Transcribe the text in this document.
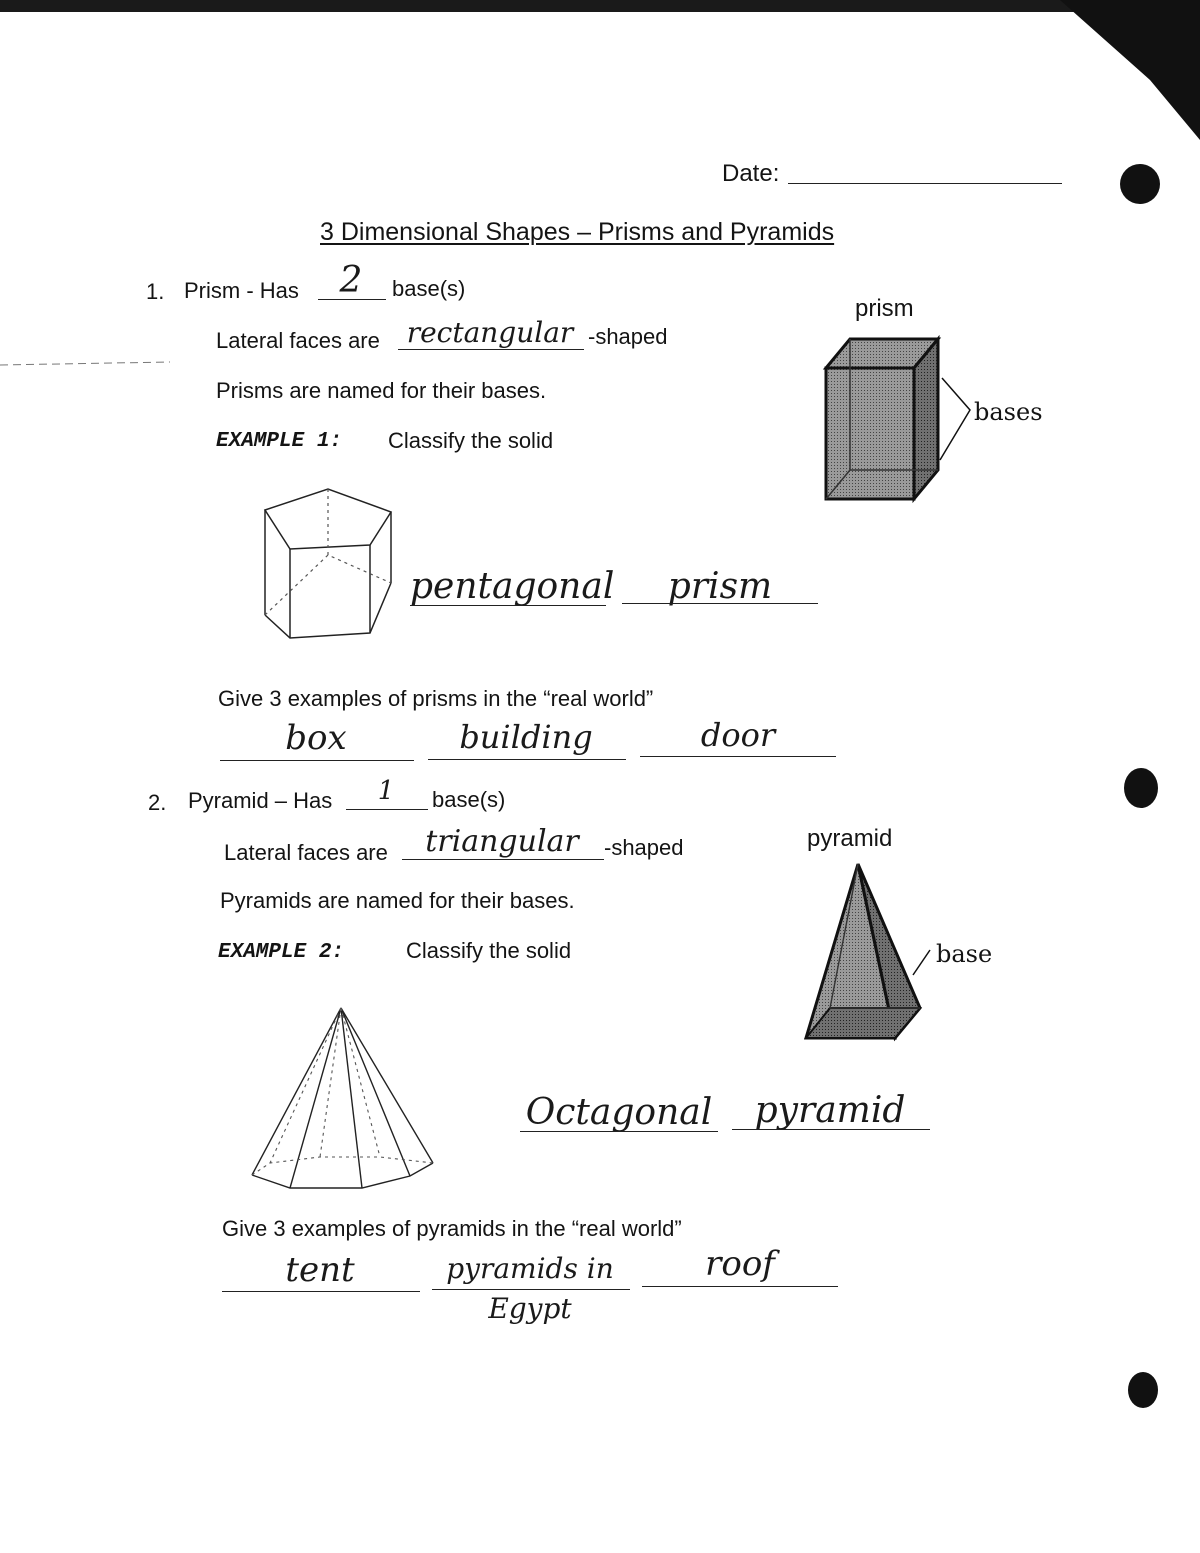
Date:
3 Dimensional Shapes – Prisms and Pyramids
1. Prism - Has	2	base(s)
Lateral faces are rectangular -shaped
Prisms are named for their bases.
EXAMPLE 1: Classify the solid
pentagonal	prism
Give 3 examples of prisms in the “real world”
box	building	door
prism
bases
2. Pyramid – Has	1	base(s)
Lateral faces are	triangular	-shaped
Pyramids are named for their bases.
EXAMPLE 2:	Classify the solid
Octagonal	pyramid
Give 3 examples of pyramids in the “real world”
tent	pyramids in
Egypt
roof
pyramid
base
